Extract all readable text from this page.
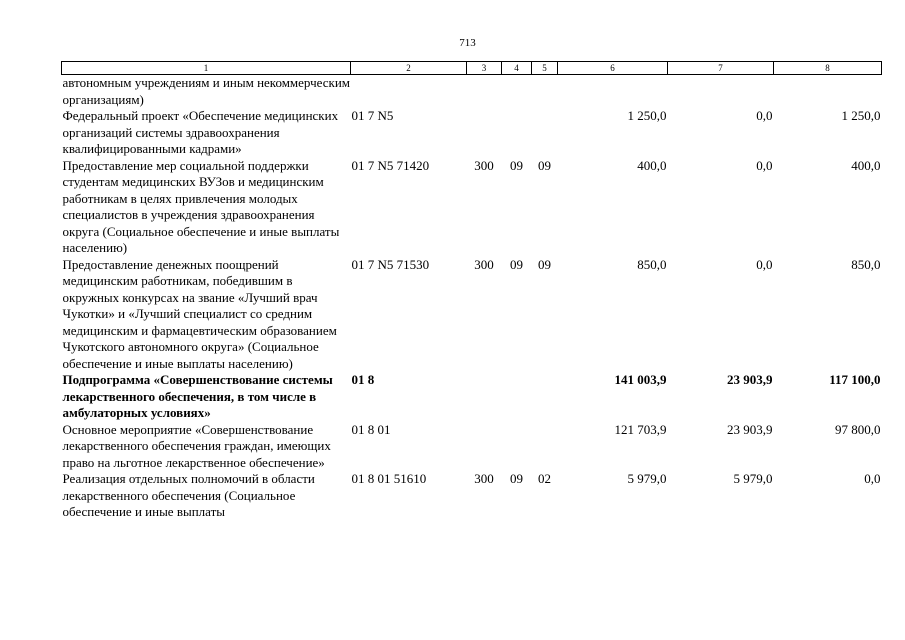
713
1	2	3	4	5	6	7	8
автономным учреждениям и иным некоммерческим организациям)							
Федеральный проект «Обеспечение медицинских организаций системы здравоохранения квалифицированными кадрами»	01 7 N5				1 250,0	0,0	1 250,0
Предоставление мер социальной поддержки студентам медицинских ВУЗов и медицинским работникам в целях привлечения молодых специалистов в учреждения здравоохранения округа (Социальное обеспечение и иные выплаты населению)	01 7 N5 71420	300	09	09	400,0	0,0	400,0
Предоставление денежных поощрений медицинским работникам, победившим в окружных конкурсах на звание «Лучший врач Чукотки» и «Лучший специалист со средним медицинским и фармацевтическим образованием Чукотского автономного округа» (Социальное обеспечение и иные выплаты населению)	01 7 N5 71530	300	09	09	850,0	0,0	850,0
Подпрограмма «Совершенствование системы лекарственного обеспечения, в том числе в амбулаторных условиях»	01 8				141 003,9	23 903,9	117 100,0
Основное мероприятие «Совершенствование лекарственного обеспечения граждан, имеющих право на льготное лекарственное обеспечение»	01 8 01				121 703,9	23 903,9	97 800,0
Реализация отдельных полномочий в области лекарственного обеспечения (Социальное обеспечение и иные выплаты	01 8 01 51610	300	09	02	5 979,0	5 979,0	0,0
